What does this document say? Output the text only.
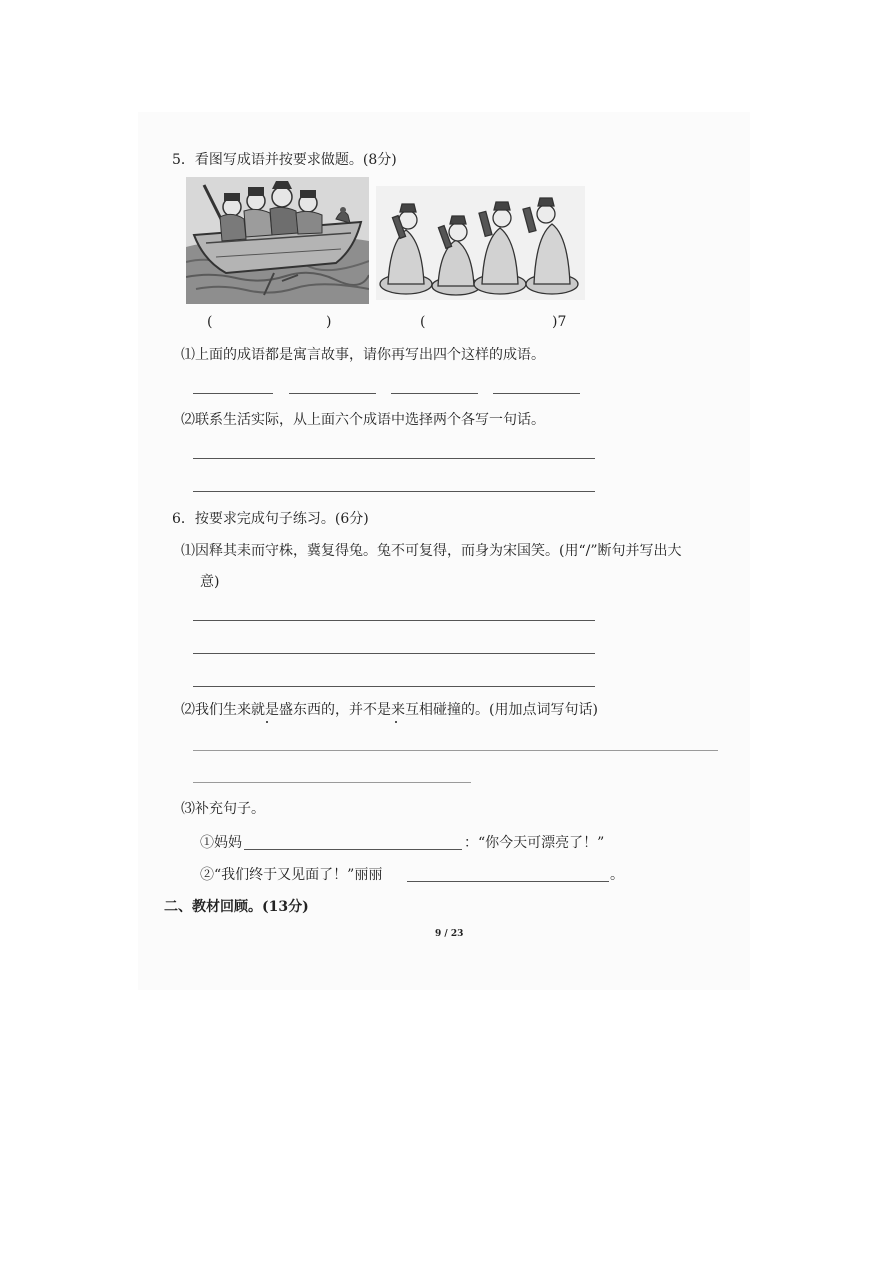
5．看图写成语并按要求做题。(8分)
(	)	(	)7
⑴上面的成语都是寓言故事，请你再写出四个这样的成语。
⑵联系生活实际，从上面六个成语中选择两个各写一句话。
6．按要求完成句子练习。(6分)
⑴因释其耒而守株，冀复得兔。兔不可复得，而身为宋国笑。(用“/”断句并写出大
意)
⑵我们生来就是盛东西的，并不是来互相碰撞的。(用加点词写句话)
⑶补充句子。
①妈妈	：“你今天可漂亮了！”
②“我们终于又见面了！”丽丽	。
二、教材回顾。(13分)
9 / 23
